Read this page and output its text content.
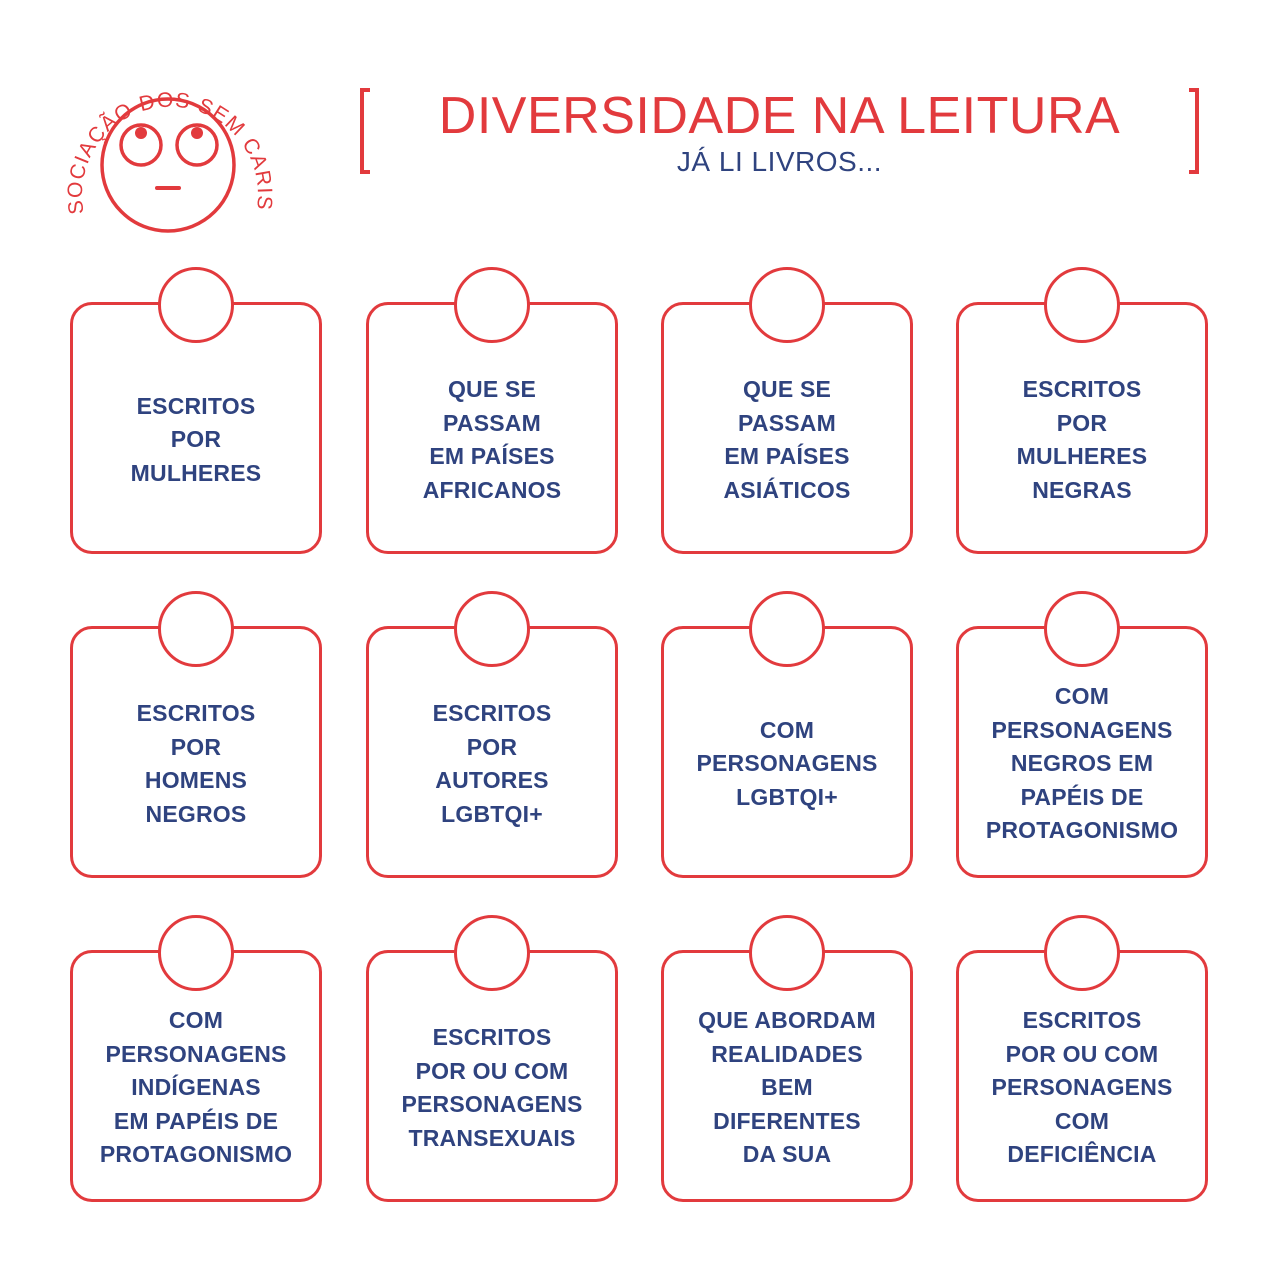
SOCIAÇÃO DOS SEM CARIS
DIVERSIDADE NA LEITURA
JÁ LI LIVROS...
ESCRITOS
POR
MULHERES
QUE SE
PASSAM
EM PAÍSES
AFRICANOS
QUE SE
PASSAM
EM PAÍSES
ASIÁTICOS
ESCRITOS
POR
MULHERES
NEGRAS
ESCRITOS
POR
HOMENS
NEGROS
ESCRITOS
POR
AUTORES
LGBTQI+
COM
PERSONAGENS
LGBTQI+
COM
PERSONAGENS
NEGROS EM
PAPÉIS DE
PROTAGONISMO
COM
PERSONAGENS
INDÍGENAS
EM PAPÉIS DE
PROTAGONISMO
ESCRITOS
POR OU COM
PERSONAGENS
TRANSEXUAIS
QUE ABORDAM
REALIDADES
BEM
DIFERENTES
DA SUA
ESCRITOS
POR OU COM
PERSONAGENS
COM
DEFICIÊNCIA
